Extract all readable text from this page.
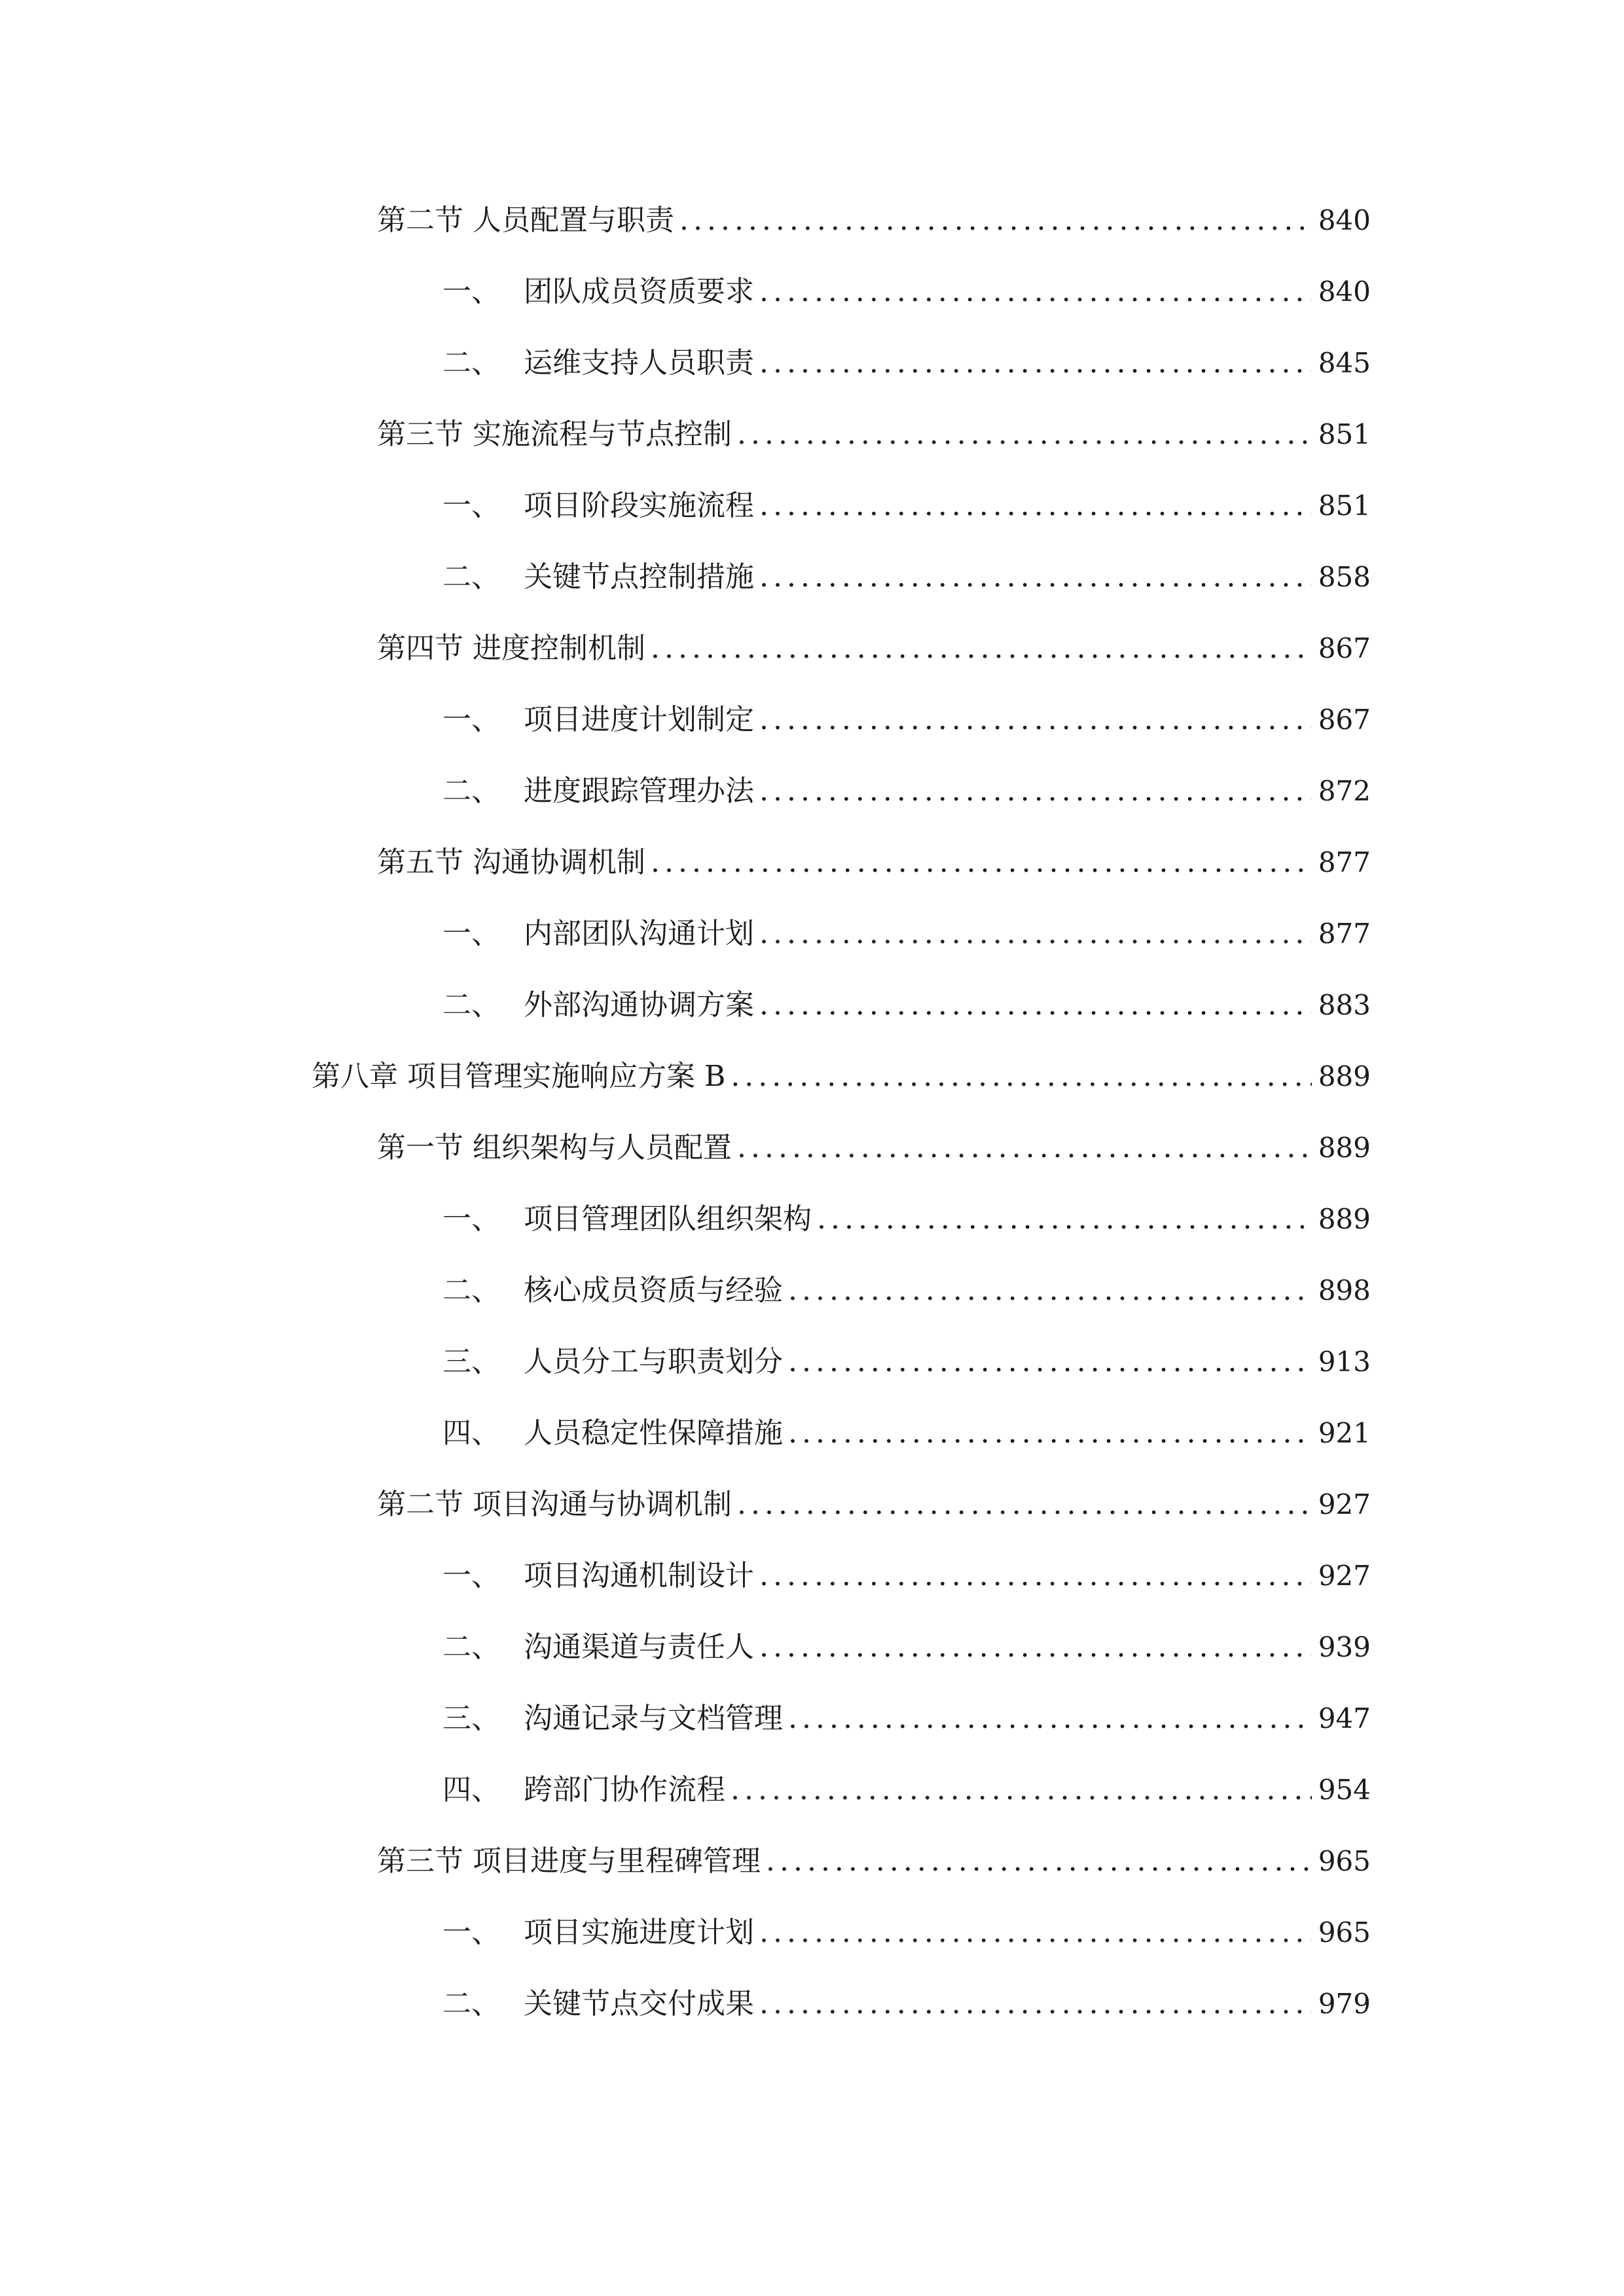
第二节 人员配置与职责 .....	840
一、 团队成员资质要求 .....	840
二、 运维支持人员职责 .....	845
第三节 实施流程与节点控制 .....	851
一、 项目阶段实施流程 .....	851
二、 关键节点控制措施 .....	858
第四节 进度控制机制 .....	867
一、 项目进度计划制定 .....	867
二、 进度跟踪管理办法 .....	872
第五节 沟通协调机制 .....	877
一、 内部团队沟通计划 .....	877
二、 外部沟通协调方案 .....	883
第八章 项目管理实施响应方案 B .....	889
第一节 组织架构与人员配置 .....	889
一、 项目管理团队组织架构 .....	889
二、 核心成员资质与经验 .....	898
三、 人员分工与职责划分 .....	913
四、 人员稳定性保障措施 .....	921
第二节 项目沟通与协调机制 .....	927
一、 项目沟通机制设计 .....	927
二、 沟通渠道与责任人 .....	939
三、 沟通记录与文档管理 .....	947
四、 跨部门协作流程 .....	954
第三节 项目进度与里程碑管理 .....	965
一、 项目实施进度计划 .....	965
二、 关键节点交付成果 .....	979
